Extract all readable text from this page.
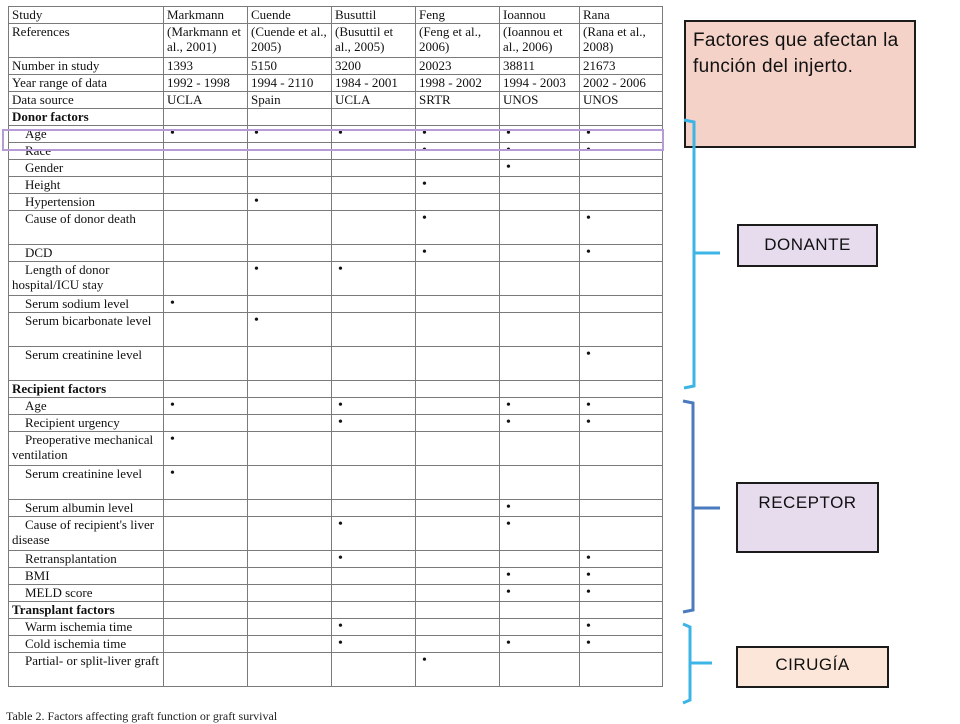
Study	Markmann	Cuende	Busuttil	Feng	Ioannou	Rana
References	(Markmann et al., 2001)	(Cuende et al., 2005)	(Busuttil et al., 2005)	(Feng et al., 2006)	(Ioannou et al., 2006)	(Rana et al., 2008)
Number in study	1393	5150	3200	20023	38811	21673
Year range of data	1992 - 1998	1994 - 2110	1984 - 2001	1998 - 2002	1994 - 2003	2002 - 2006
Data source	UCLA	Spain	UCLA	SRTR	UNOS	UNOS
Donor factors						
Age	•	•	•	•	•	•
Race				•	•	•
Gender					•	
Height				•		
Hypertension		•				
Cause of donor death				•		•
DCD				•		•
Length of donor hospital/ICU stay		•	•			
Serum sodium level	•					
Serum bicarbonate level		•				
Serum creatinine level						•
Recipient factors						
Age	•		•		•	•
Recipient urgency			•		•	•
Preoperative mechanical ventilation	•					
Serum creatinine level	•					
Serum albumin level					•	
Cause of recipient's liver disease			•		•	
Retransplantation			•			•
BMI					•	•
MELD score					•	•
Transplant factors						
Warm ischemia time			•			•
Cold ischemia time			•		•	•
Partial- or split-liver graft				•		
Table 2. Factors affecting graft function or graft survival
Factores que afectan la función del injerto.
DONANTE
RECEPTOR
CIRUGÍA
